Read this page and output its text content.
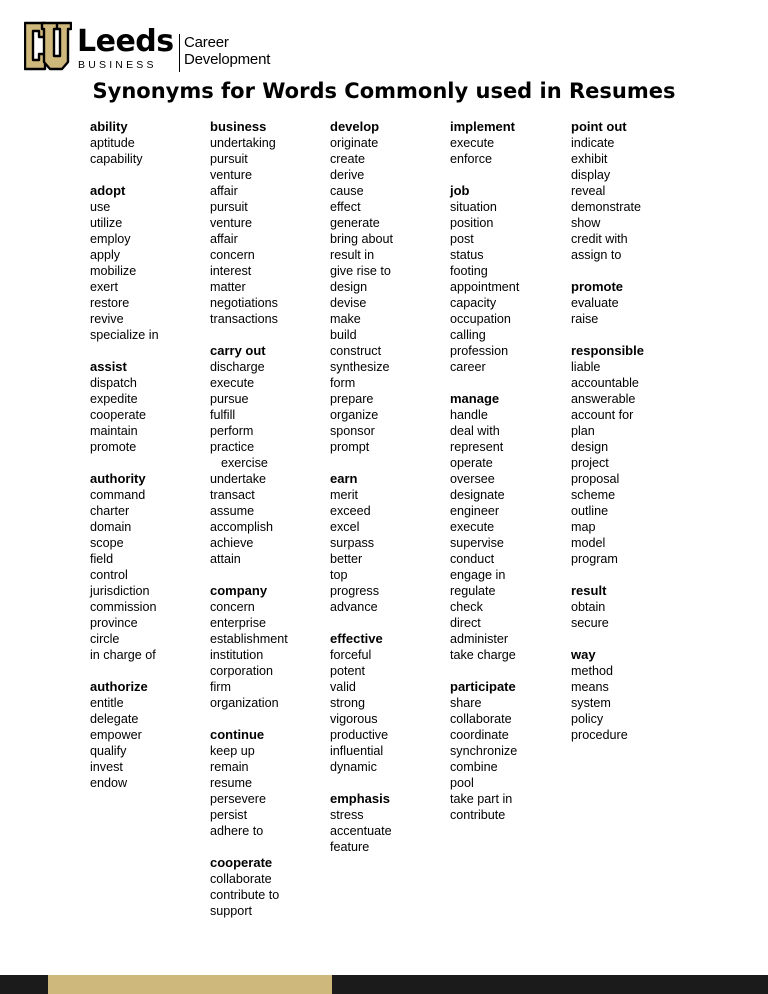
Leeds
BUSINESS
Career
Development
Synonyms for Words Commonly used in Resumes
ability
aptitude
capability
adopt
use
utilize
employ
apply
mobilize
exert
restore
revive
specialize in
assist
dispatch
expedite
cooperate
maintain
promote
authority
command
charter
domain
scope
field
control
jurisdiction
commission
province
circle
in charge of
authorize
entitle
delegate
empower
qualify
invest
endow
business
undertaking
pursuit
venture
affair
pursuit
venture
affair
concern
interest
matter
negotiations
transactions
carry out
discharge
execute
pursue
fulfill
perform
practice
exercise
undertake
transact
assume
accomplish
achieve
attain
company
concern
enterprise
establishment
institution
corporation
firm
organization
continue
keep up
remain
resume
persevere
persist
adhere to
cooperate
collaborate
contribute to
support
develop
originate
create
derive
cause
effect
generate
bring about
result in
give rise to
design
devise
make
build
construct
synthesize
form
prepare
organize
sponsor
prompt
earn
merit
exceed
excel
surpass
better
top
progress
advance
effective
forceful
potent
valid
strong
vigorous
productive
influential
dynamic
emphasis
stress
accentuate
feature
implement
execute
enforce
job
situation
position
post
status
footing
appointment
capacity
occupation
calling
profession
career
manage
handle
deal with
represent
operate
oversee
designate
engineer
execute
supervise
conduct
engage in
regulate
check
direct
administer
take charge
participate
share
collaborate
coordinate
synchronize
combine
pool
take part in
contribute
point out
indicate
exhibit
display
reveal
demonstrate
show
credit with
assign to
promote
evaluate
raise
responsible
liable
accountable
answerable
account for
plan
design
project
proposal
scheme
outline
map
model
program
result
obtain
secure
way
method
means
system
policy
procedure
